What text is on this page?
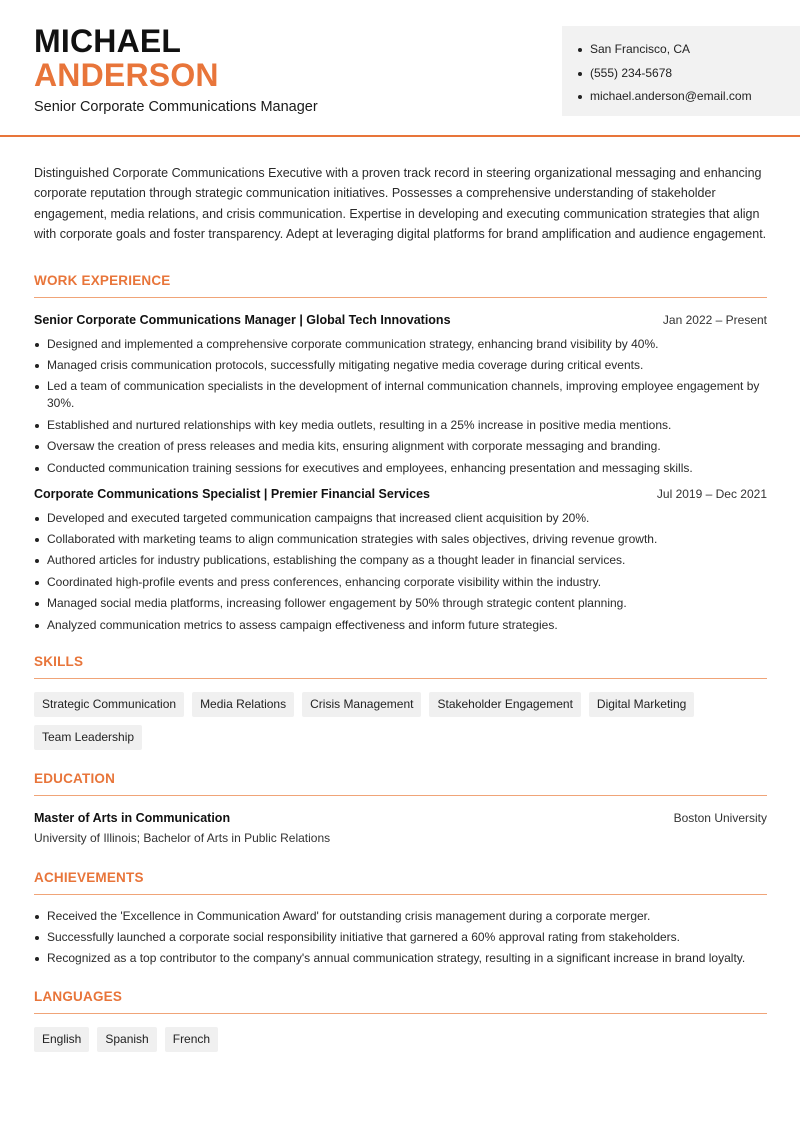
MICHAEL
ANDERSON
Senior Corporate Communications Manager
San Francisco, CA
(555) 234-5678
michael.anderson@email.com

Distinguished Corporate Communications Executive with a proven track record in steering organizational messaging and enhancing corporate reputation through strategic communication initiatives. Possesses a comprehensive understanding of stakeholder engagement, media relations, and crisis communication. Expertise in developing and executing communication strategies that align with corporate goals and foster transparency. Adept at leveraging digital platforms for brand amplification and audience engagement.

WORK EXPERIENCE
Senior Corporate Communications Manager | Global Tech Innovations	Jan 2022 – Present
Designed and implemented a comprehensive corporate communication strategy, enhancing brand visibility by 40%.
Managed crisis communication protocols, successfully mitigating negative media coverage during critical events.
Led a team of communication specialists in the development of internal communication channels, improving employee engagement by 30%.
Established and nurtured relationships with key media outlets, resulting in a 25% increase in positive media mentions.
Oversaw the creation of press releases and media kits, ensuring alignment with corporate messaging and branding.
Conducted communication training sessions for executives and employees, enhancing presentation and messaging skills.
Corporate Communications Specialist | Premier Financial Services	Jul 2019 – Dec 2021
Developed and executed targeted communication campaigns that increased client acquisition by 20%.
Collaborated with marketing teams to align communication strategies with sales objectives, driving revenue growth.
Authored articles for industry publications, establishing the company as a thought leader in financial services.
Coordinated high-profile events and press conferences, enhancing corporate visibility within the industry.
Managed social media platforms, increasing follower engagement by 50% through strategic content planning.
Analyzed communication metrics to assess campaign effectiveness and inform future strategies.
SKILLS
Strategic Communication	Media Relations	Crisis Management	Stakeholder Engagement	Digital Marketing
Team Leadership
EDUCATION
Master of Arts in Communication	Boston University
University of Illinois; Bachelor of Arts in Public Relations
ACHIEVEMENTS
Received the 'Excellence in Communication Award' for outstanding crisis management during a corporate merger.
Successfully launched a corporate social responsibility initiative that garnered a 60% approval rating from stakeholders.
Recognized as a top contributor to the company's annual communication strategy, resulting in a significant increase in brand loyalty.
LANGUAGES
English	Spanish	French
